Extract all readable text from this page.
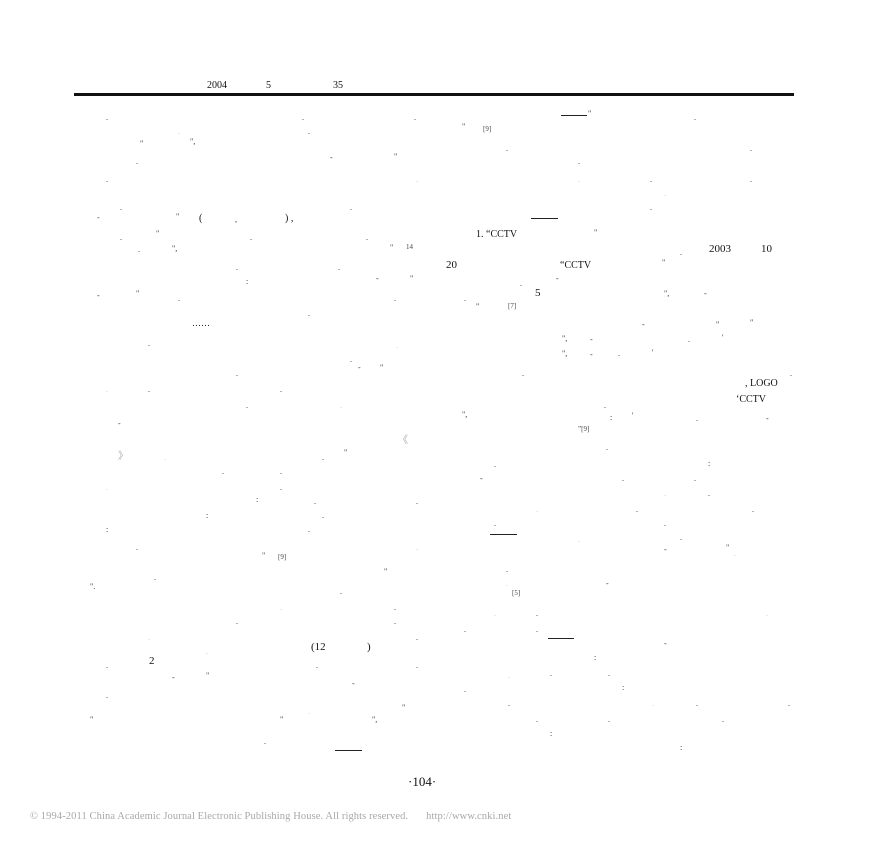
2004	5	35
1. “CCTV
2003	10
20	“CCTV
5
, LOGO
‘CCTV
(12	)
2
……
(	) ,
《
》
14
[9]
[7]
”[9]
[9]
[5]
.	.	.
"
"	.
.	.
"	",
.	.
.	-	"
.
.	.	.	.	.
.
.	.	.
-	"	,
.	"	.	.
"
.	",	"
.
.	.
"
:	-	"	-
.
-	"
.	.	.
",	-
"
.
-	"	"
.	.
",	-	.	'
",	-	.	'
.
- "
.	.
.	.	.
.
.	.	.
-
",	: '	.	-
.
.	.
"
.	:
.	.
-	.	.
.	.
.	.
:	.	.
.	.	.
:	.
.	.
:	.
.	.
.	.	-	"
.
"
.
"
.
.	-
".
.
.	.
.	.	.
.	.
.	.
.	.
-
.
:
.	.
.
.	.	.
-	"
-	:
.
.
.	.	.	.
"
.
"	"	",	.	.	.
:
.
:
·104·
© 1994-2011 China Academic Journal Electronic Publishing House. All rights reserved. http://www.cnki.net
